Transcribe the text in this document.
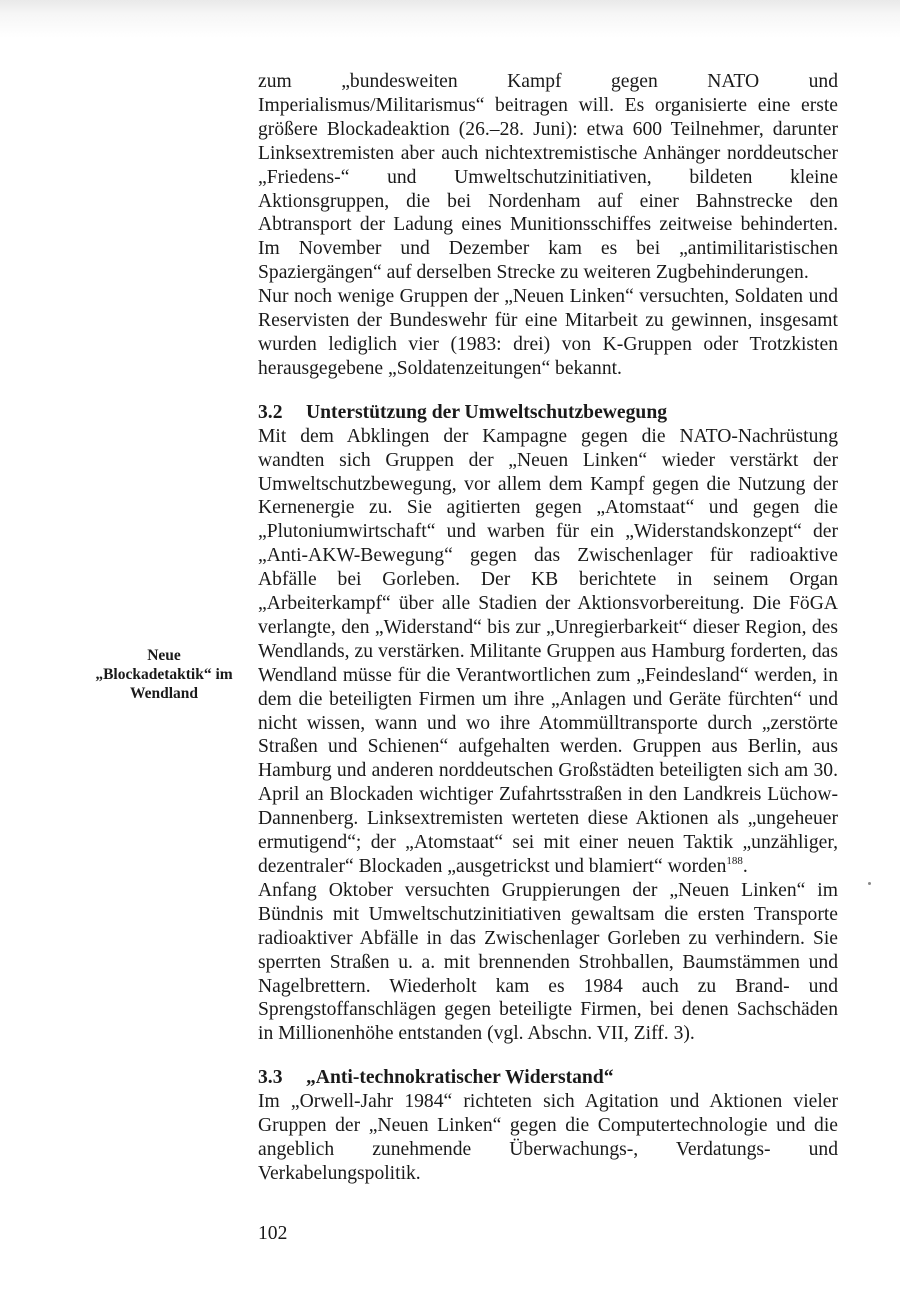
Neue „Blockadetaktik“ im Wendland

zum „bundesweiten Kampf gegen NATO und Imperialismus/Militarismus“ beitragen will. Es organisierte eine erste größere Blockadeaktion (26.–28. Juni): etwa 600 Teilnehmer, darunter Linksextremisten aber auch nichtextremistische Anhänger norddeutscher „Friedens-“ und Umweltschutzinitiativen, bildeten kleine Aktionsgruppen, die bei Nordenham auf einer Bahnstrecke den Abtransport der Ladung eines Munitionsschiffes zeitweise behinderten. Im November und Dezember kam es bei „antimilitaristischen Spaziergängen“ auf derselben Strecke zu weiteren Zugbehinderungen.

Nur noch wenige Gruppen der „Neuen Linken“ versuchten, Soldaten und Reservisten der Bundeswehr für eine Mitarbeit zu gewinnen, insgesamt wurden lediglich vier (1983: drei) von K-Gruppen oder Trotzkisten herausgegebene „Soldatenzeitungen“ bekannt.

3.2 Unterstützung der Umweltschutzbewegung

Mit dem Abklingen der Kampagne gegen die NATO-Nachrüstung wandten sich Gruppen der „Neuen Linken“ wieder verstärkt der Umweltschutzbewegung, vor allem dem Kampf gegen die Nutzung der Kernenergie zu. Sie agitierten gegen „Atomstaat“ und gegen die „Plutoniumwirtschaft“ und warben für ein „Widerstandskonzept“ der „Anti-AKW-Bewegung“ gegen das Zwischenlager für radioaktive Abfälle bei Gorleben. Der KB berichtete in seinem Organ „Arbeiterkampf“ über alle Stadien der Aktionsvorbereitung. Die FöGA verlangte, den „Widerstand“ bis zur „Unregierbarkeit“ dieser Region, des Wendlands, zu verstärken. Militante Gruppen aus Hamburg forderten, das Wendland müsse für die Verantwortlichen zum „Feindesland“ werden, in dem die beteiligten Firmen um ihre „Anlagen und Geräte fürchten“ und nicht wissen, wann und wo ihre Atommülltransporte durch „zerstörte Straßen und Schienen“ aufgehalten werden. Gruppen aus Berlin, aus Hamburg und anderen norddeutschen Großstädten beteiligten sich am 30. April an Blockaden wichtiger Zufahrtsstraßen in den Landkreis Lüchow-Dannenberg. Linksextremisten werteten diese Aktionen als „ungeheuer ermutigend“; der „Atomstaat“ sei mit einer neuen Taktik „unzähliger, dezentraler“ Blockaden „ausgetrickst und blamiert“ worden$^{188}$.

Anfang Oktober versuchten Gruppierungen der „Neuen Linken“ im Bündnis mit Umweltschutzinitiativen gewaltsam die ersten Transporte radioaktiver Abfälle in das Zwischenlager Gorleben zu verhindern. Sie sperrten Straßen u. a. mit brennenden Strohballen, Baumstämmen und Nagelbrettern. Wiederholt kam es 1984 auch zu Brand- und Sprengstoffanschlägen gegen beteiligte Firmen, bei denen Sachschäden in Millionenhöhe entstanden (vgl. Abschn. VII, Ziff. 3).

3.3 „Anti-technokratischer Widerstand“

Im „Orwell-Jahr 1984“ richteten sich Agitation und Aktionen vieler Gruppen der „Neuen Linken“ gegen die Computertechnologie und die angeblich zunehmende Überwachungs-, Verdatungs- und Verkabelungspolitik.

102
